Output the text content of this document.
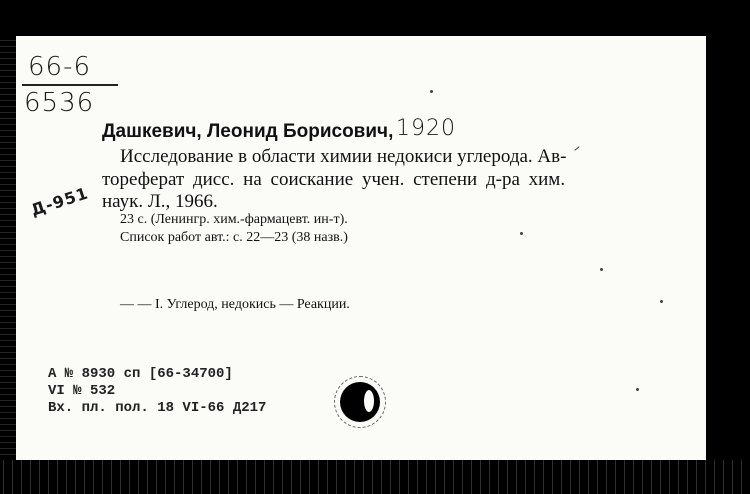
66-6
6536
Дашкевич, Леонид Борисович, 1920
Исследование в области химии недокиси углерода. Ав-
тореферат дисс. на соискание учен. степени д-ра хим.
наук. Л., 1966.
Д-951 23 с. (Ленингр. хим.-фармацевт. ин-т).
Список работ авт.: с. 22—23 (38 назв.)
— — I. Углерод, недокись — Реакции.
А № 8930 сп [66-34700]
VI № 532
Вх. пл. пол. 18 VI-66 Д217
